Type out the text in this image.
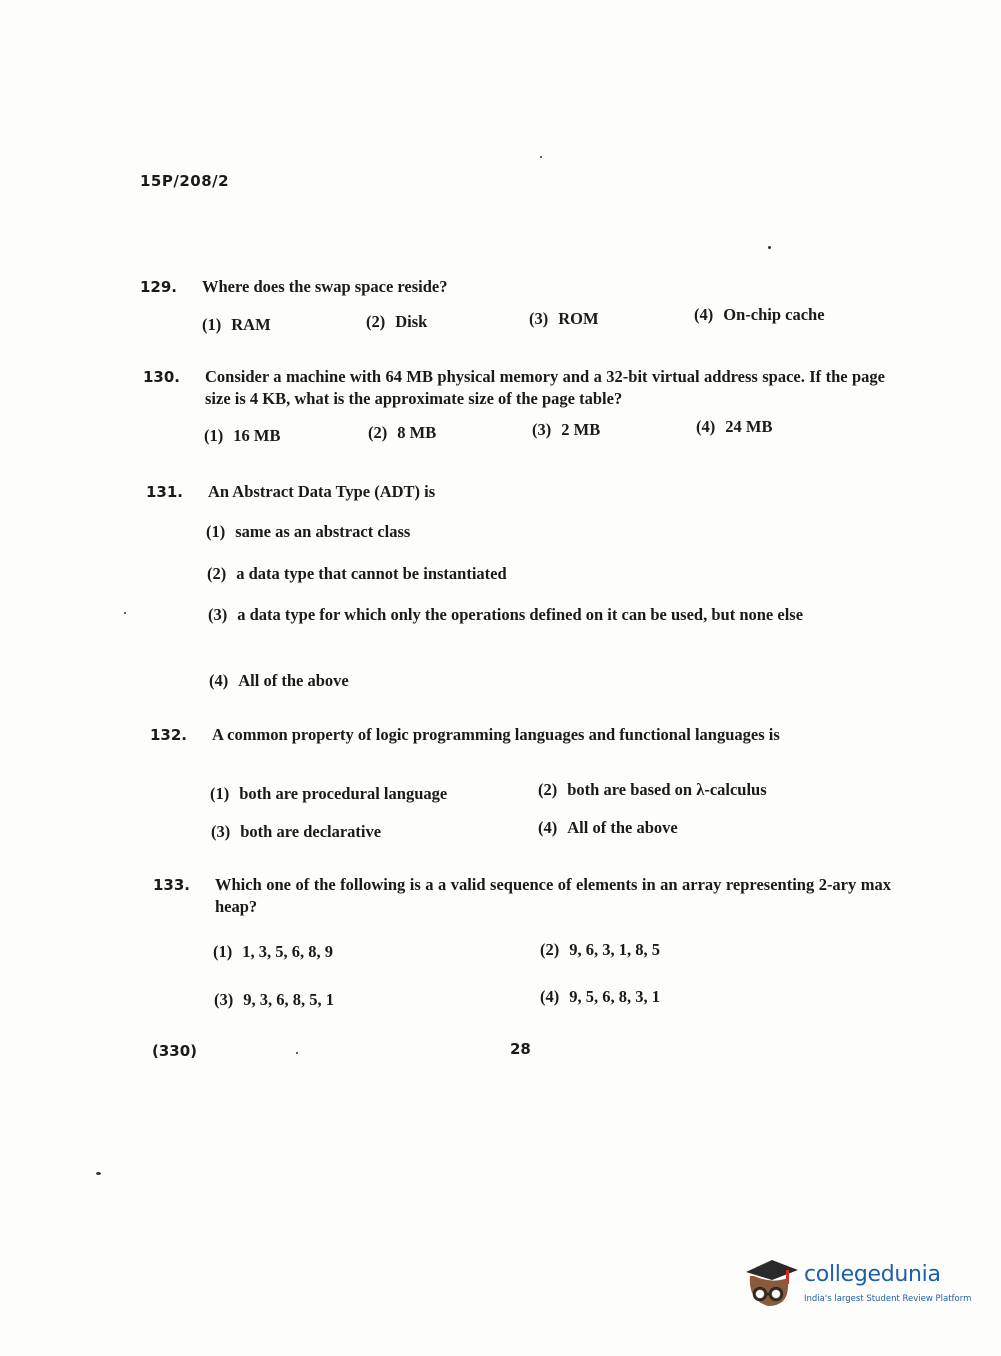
15P/208/2
129. Where does the swap space reside?
(1) RAM	(2) Disk	(3) ROM	(4) On-chip cache
130. Consider a machine with 64 MB physical memory and a 32-bit virtual address space. If the page size is 4 KB, what is the approximate size of the page table?
(1) 16 MB	(2) 8 MB	(3) 2 MB	(4) 24 MB
131. An Abstract Data Type (ADT) is
(1) same as an abstract class
(2) a data type that cannot be instantiated
(3) a data type for which only the operations defined on it can be used, but none else
(4) All of the above
132. A common property of logic programming languages and functional languages is
(1) both are procedural language	(2) both are based on λ-calculus
(3) both are declarative	(4) All of the above
133. Which one of the following is a a valid sequence of elements in an array representing 2-ary max heap?
(1) 1, 3, 5, 6, 8, 9	(2) 9, 6, 3, 1, 8, 5
(3) 9, 3, 6, 8, 5, 1	(4) 9, 5, 6, 8, 3, 1
(330)	28
collegedunia
India's largest Student Review Platform
